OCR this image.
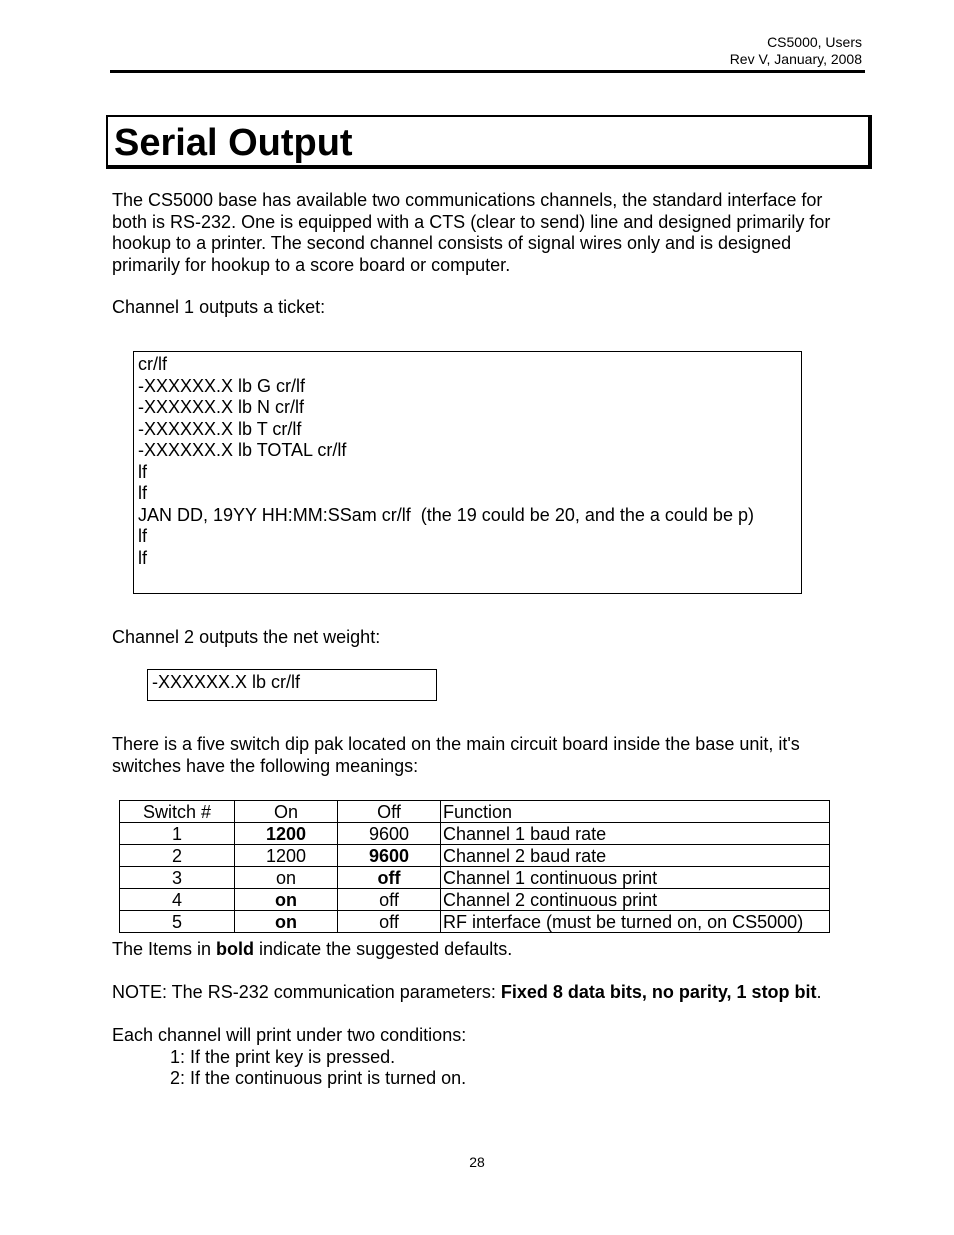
CS5000, Users
Rev V, January, 2008
Serial Output

The CS5000 base has available two communications channels, the standard interface for both is RS-232. One is equipped with a CTS (clear to send) line and designed primarily for hookup to a printer. The second channel consists of signal wires only and is designed primarily for hookup to a score board or computer.

Channel 1 outputs a ticket:

cr/lf
-XXXXXX.X lb G cr/lf
-XXXXXX.X lb N cr/lf
-XXXXXX.X lb T cr/lf
-XXXXXX.X lb TOTAL cr/lf
lf
lf
JAN DD, 19YY HH:MM:SSam cr/lf  (the 19 could be 20, and the a could be p)
lf
lf

Channel 2 outputs the net weight:

-XXXXXX.X lb cr/lf

There is a five switch dip pak located on the main circuit board inside the base unit, it's switches have the following meanings:

Switch #	On	Off	Function
1	1200	9600	Channel 1 baud rate
2	1200	9600	Channel 2 baud rate
3	on	off	Channel 1 continuous print
4	on	off	Channel 2 continuous print
5	on	off	RF interface (must be turned on, on CS5000)

The Items in bold indicate the suggested defaults.

NOTE: The RS-232 communication parameters: Fixed 8 data bits, no parity, 1 stop bit.

Each channel will print under two conditions:

1: If the print key is pressed.
2: If the continuous print is turned on.
28
